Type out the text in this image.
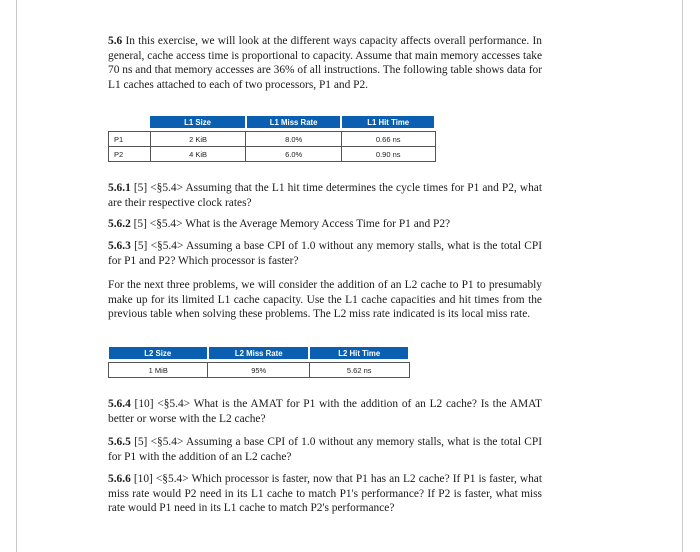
5.6 In this exercise, we will look at the different ways capacity affects overall performance. In general, cache access time is proportional to capacity. Assume that main memory accesses take 70 ns and that memory accesses are 36% of all instructions. The following table shows data for L1 caches attached to each of two processors, P1 and P2.

	L1 Size	L1 Miss Rate	L1 Hit Time

P1	2 KiB	8.0%	0.66 ns
P2	4 KiB	6.0%	0.90 ns

5.6.1 [5] <§5.4> Assuming that the L1 hit time determines the cycle times for P1 and P2, what are their respective clock rates?

5.6.2 [5] <§5.4> What is the Average Memory Access Time for P1 and P2?

5.6.3 [5] <§5.4> Assuming a base CPI of 1.0 without any memory stalls, what is the total CPI for P1 and P2? Which processor is faster?

For the next three problems, we will consider the addition of an L2 cache to P1 to presumably make up for its limited L1 cache capacity. Use the L1 cache capacities and hit times from the previous table when solving these problems. The L2 miss rate indicated is its local miss rate.

L2 Size	L2 Miss Rate	L2 Hit Time

1 MiB	95%	5.62 ns

5.6.4 [10] <§5.4> What is the AMAT for P1 with the addition of an L2 cache? Is the AMAT better or worse with the L2 cache?

5.6.5 [5] <§5.4> Assuming a base CPI of 1.0 without any memory stalls, what is the total CPI for P1 with the addition of an L2 cache?

5.6.6 [10] <§5.4> Which processor is faster, now that P1 has an L2 cache? If P1 is faster, what miss rate would P2 need in its L1 cache to match P1's performance? If P2 is faster, what miss rate would P1 need in its L1 cache to match P2's performance?
